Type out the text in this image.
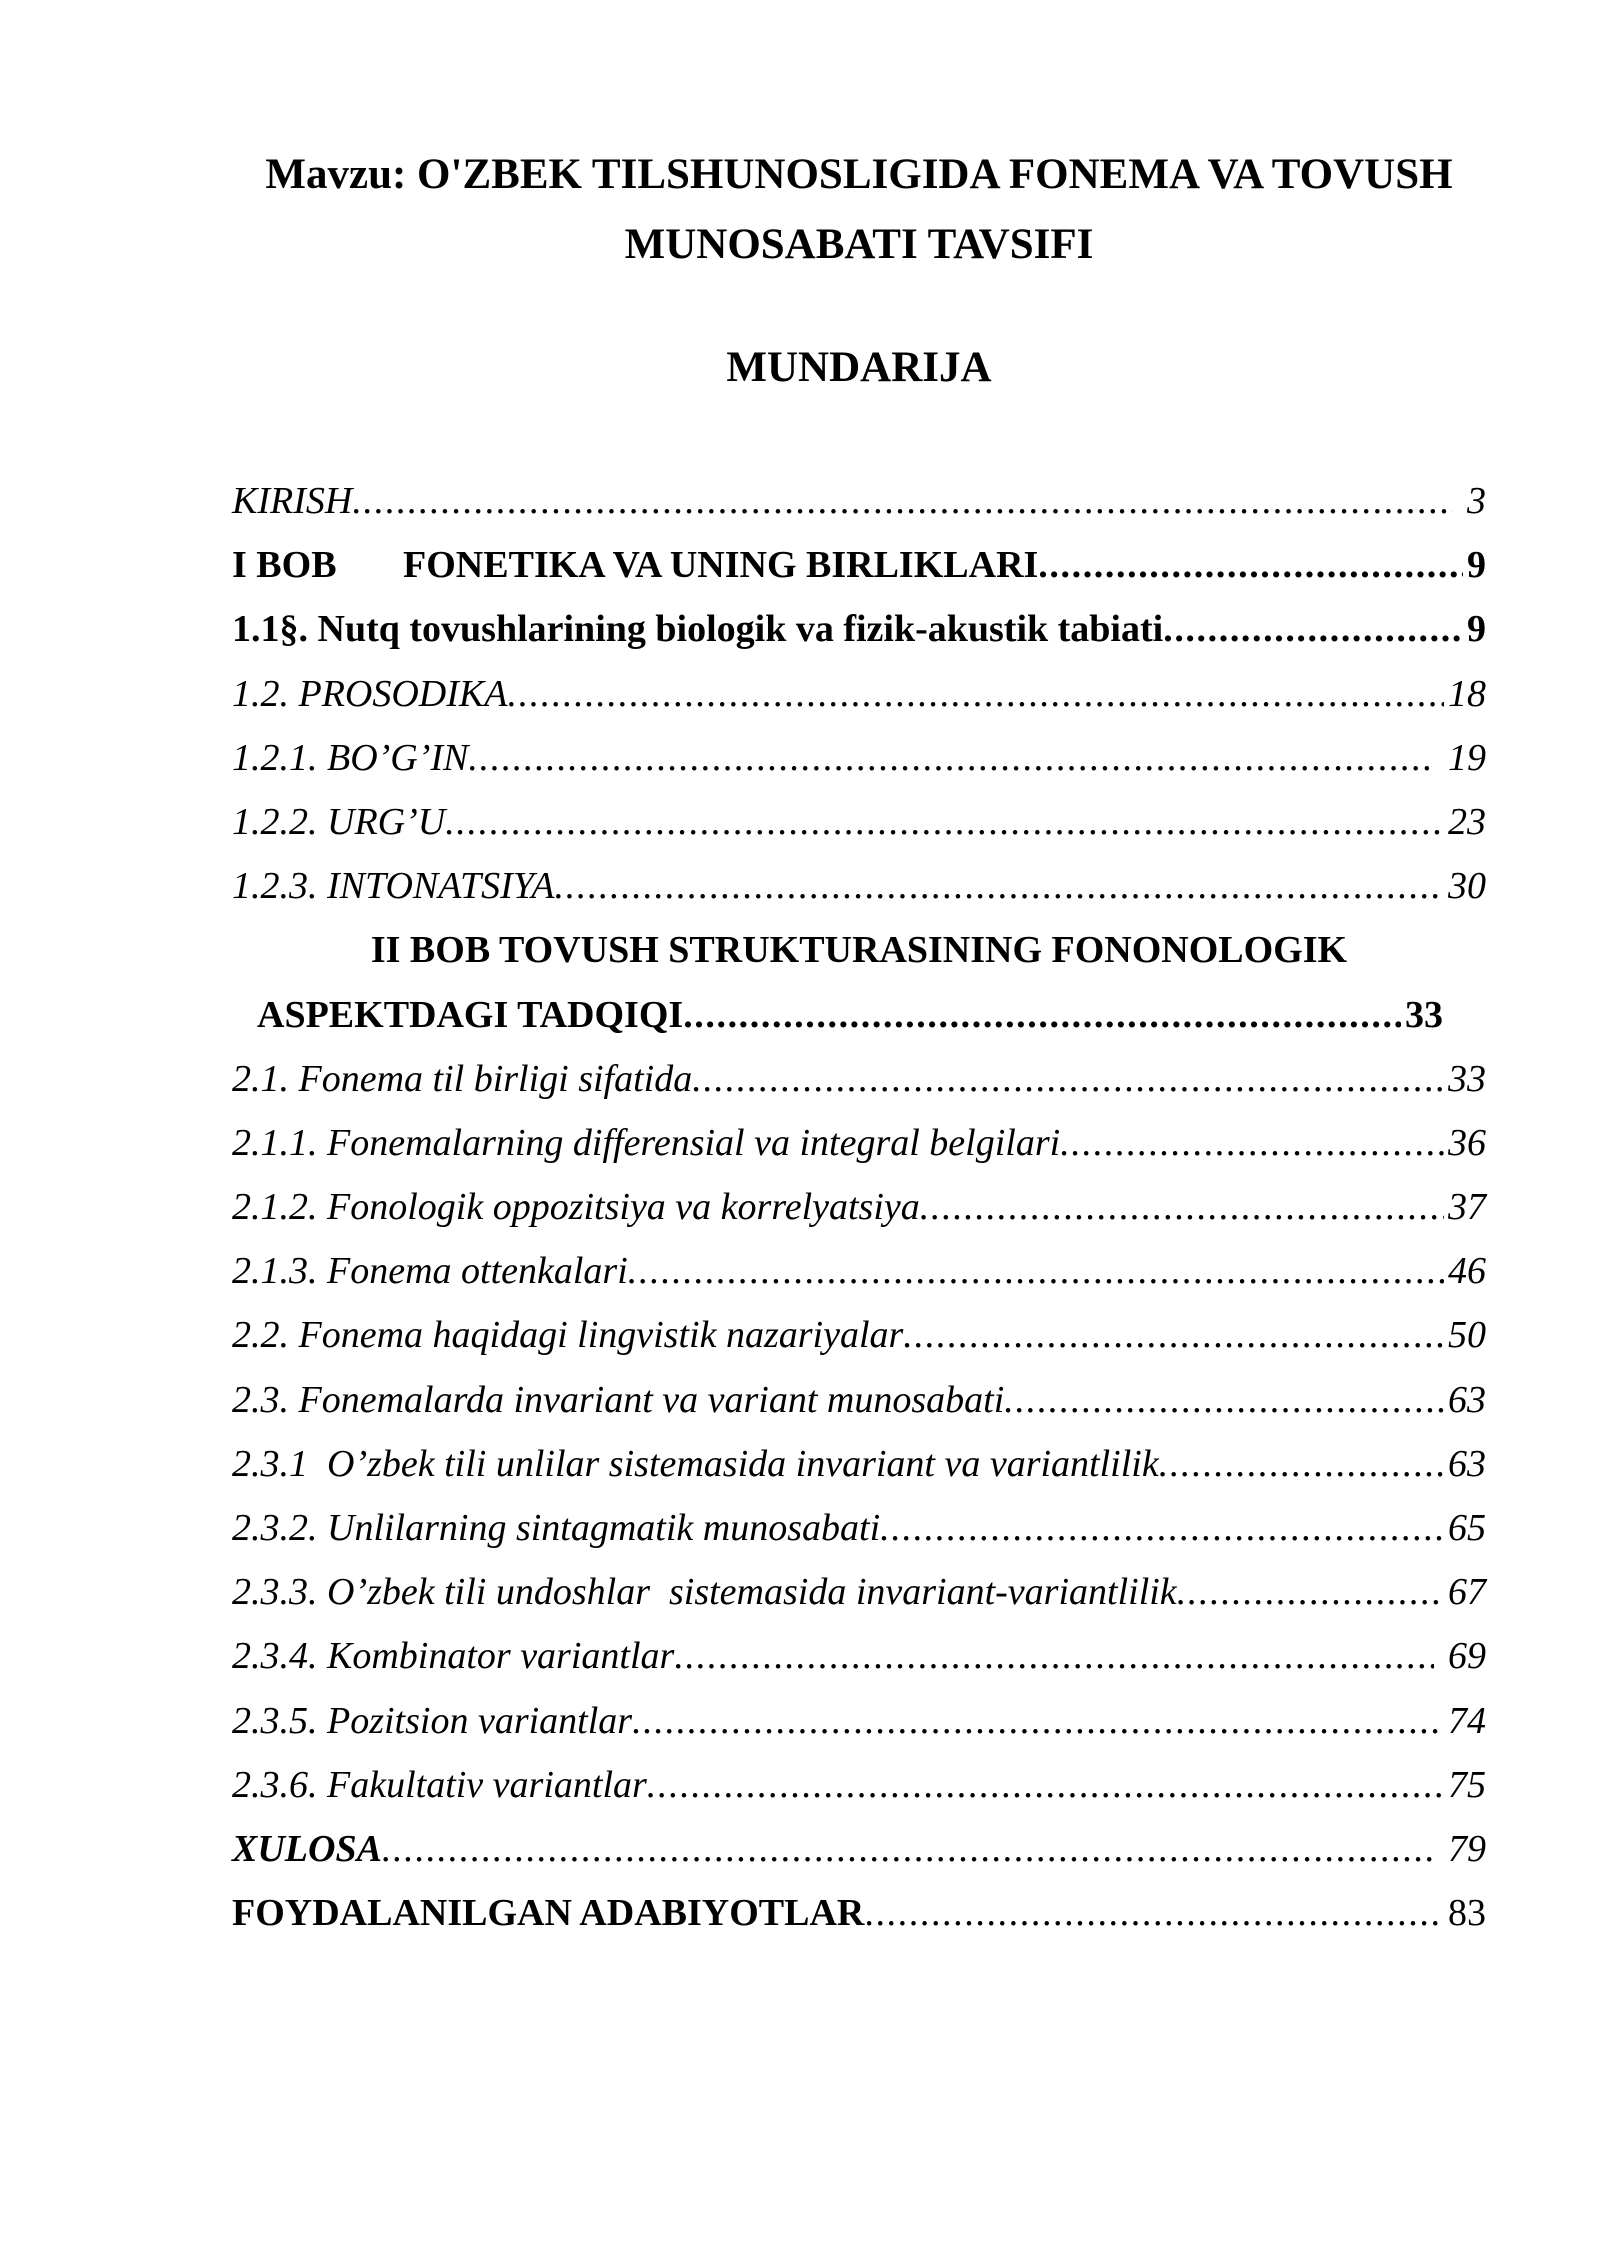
Mavzu: O'ZBEK TILSHUNOSLIGIDA FONEMA VA TOVUSH
MUNOSABATI TAVSIFI
MUNDARIJA
KIRISH .....	3
I BOB       FONETIKA VA UNING BIRLIKLARI .....	9
1.1§. Nutq tovushlarining biologik va fizik-akustik tabiati .....	9
1.2. PROSODIKA .....	18
1.2.1. BO’G’IN .....	19
1.2.2. URG’U .....	23
1.2.3. INTONATSIYA .....	30
II BOB TOVUSH STRUKTURASINING FONONOLOGIK
ASPEKTDAGI TADQIQI .....	33
2.1. Fonema til birligi sifatida .....	33
2.1.1. Fonemalarning differensial va integral belgilari .....	36
2.1.2. Fonologik oppozitsiya va korrelyatsiya .....	37
2.1.3. Fonema ottenkalari .....	46
2.2. Fonema haqidagi lingvistik nazariyalar .....	50
2.3. Fonemalarda invariant va variant munosabati .....	63
2.3.1  O’zbek tili unlilar sistemasida invariant va variantlilik .....	63
2.3.2. Unlilarning sintagmatik munosabati .....	65
2.3.3. O’zbek tili undoshlar  sistemasida invariant-variantlilik .....	67
2.3.4. Kombinator variantlar .....	69
2.3.5. Pozitsion variantlar .....	74
2.3.6. Fakultativ variantlar .....	75
XULOSA .....	79
FOYDALANILGAN ADABIYOTLAR .....	83
